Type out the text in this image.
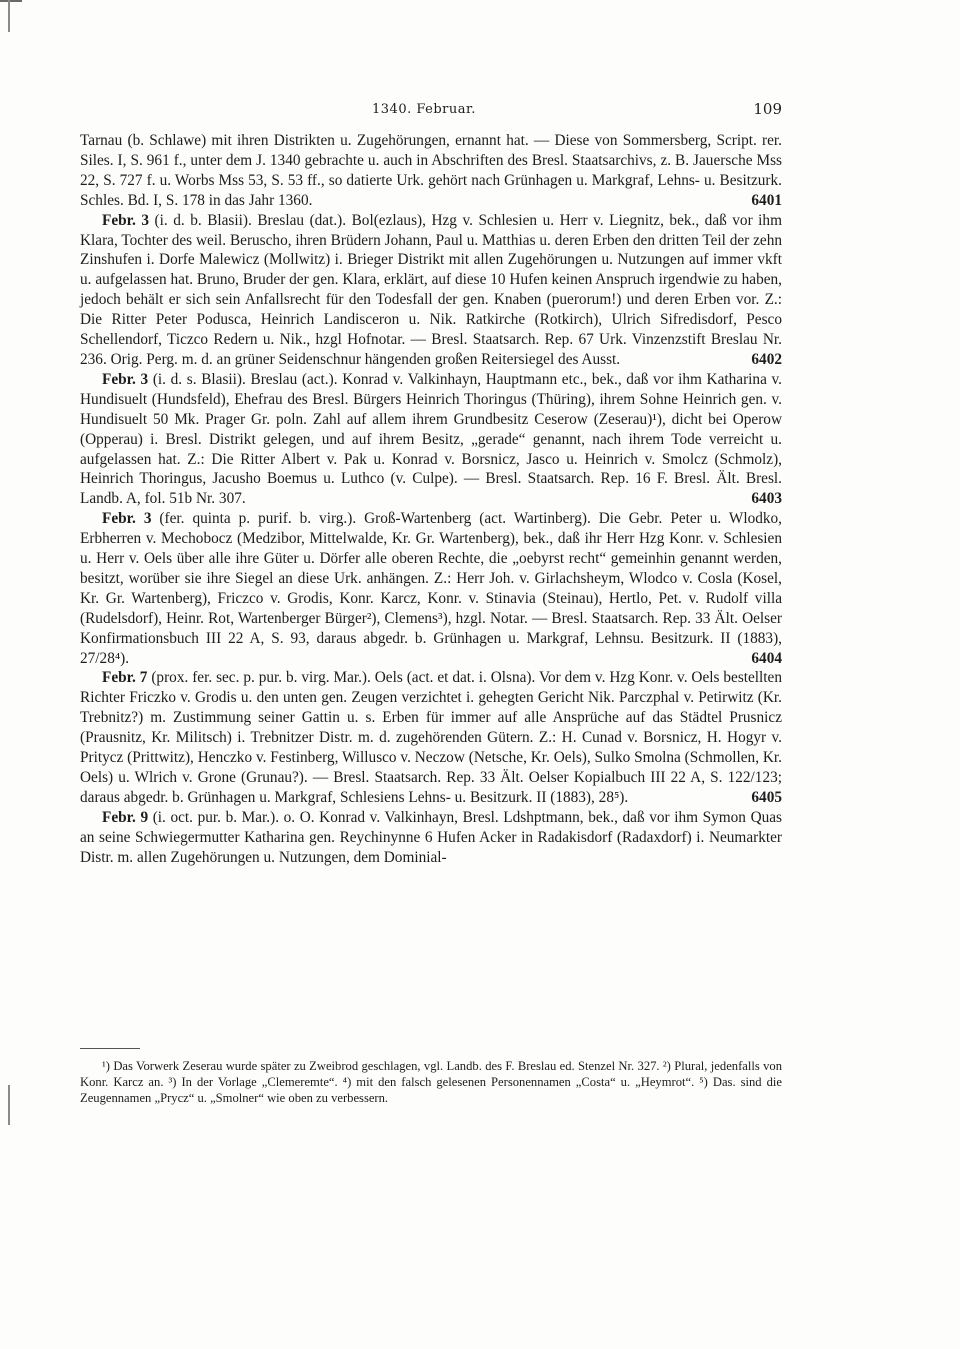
1340. Februar.	109

Tarnau (b. Schlawe) mit ihren Distrikten u. Zugehörungen, ernannt hat. — Diese von Sommersberg, Script. rer. Siles. I, S. 961 f., unter dem J. 1340 gebrachte u. auch in Abschriften des Bresl. Staatsarchivs, z. B. Jauersche Mss 22, S. 727 f. u. Worbs Mss 53, S. 53 ff., so datierte Urk. gehört nach Grünhagen u. Markgraf, Lehns- u. Besitzurk. Schles. Bd. I, S. 178 in das Jahr 1360.	6401

Febr. 3 (i. d. b. Blasii). Breslau (dat.). Bol(ezlaus), Hzg v. Schlesien u. Herr v. Liegnitz, bek., daß vor ihm Klara, Tochter des weil. Beruscho, ihren Brüdern Johann, Paul u. Matthias u. deren Erben den dritten Teil der zehn Zinshufen i. Dorfe Malewicz (Mollwitz) i. Brieger Distrikt mit allen Zugehörungen u. Nutzungen auf immer vkft u. aufgelassen hat. Bruno, Bruder der gen. Klara, erklärt, auf diese 10 Hufen keinen Anspruch irgendwie zu haben, jedoch behält er sich sein Anfallsrecht für den Todesfall der gen. Knaben (puerorum!) und deren Erben vor. Z.: Die Ritter Peter Podusca, Heinrich Landisceron u. Nik. Ratkirche (Rotkirch), Ulrich Sifredisdorf, Pesco Schellendorf, Ticzco Redern u. Nik., hzgl Hofnotar. — Bresl. Staatsarch. Rep. 67 Urk. Vinzenzstift Breslau Nr. 236. Orig. Perg. m. d. an grüner Seidenschnur hängenden großen Reitersiegel des Ausst.	6402

Febr. 3 (i. d. s. Blasii). Breslau (act.). Konrad v. Valkinhayn, Hauptmann etc., bek., daß vor ihm Katharina v. Hundisuelt (Hundsfeld), Ehefrau des Bresl. Bürgers Heinrich Thoringus (Thüring), ihrem Sohne Heinrich gen. v. Hundisuelt 50 Mk. Prager Gr. poln. Zahl auf allem ihrem Grundbesitz Ceserow (Zeserau)¹), dicht bei Operow (Opperau) i. Bresl. Distrikt gelegen, und auf ihrem Besitz, „gerade“ genannt, nach ihrem Tode verreicht u. aufgelassen hat. Z.: Die Ritter Albert v. Pak u. Konrad v. Borsnicz, Jasco u. Heinrich v. Smolcz (Schmolz), Heinrich Thoringus, Jacusho Boemus u. Luthco (v. Culpe). — Bresl. Staatsarch. Rep. 16 F. Bresl. Ält. Bresl. Landb. A, fol. 51b Nr. 307.	6403

Febr. 3 (fer. quinta p. purif. b. virg.). Groß-Wartenberg (act. Wartinberg). Die Gebr. Peter u. Wlodko, Erbherren v. Mechobocz (Medzibor, Mittelwalde, Kr. Gr. Wartenberg), bek., daß ihr Herr Hzg Konr. v. Schlesien u. Herr v. Oels über alle ihre Güter u. Dörfer alle oberen Rechte, die „oebyrst recht“ gemeinhin genannt werden, besitzt, worüber sie ihre Siegel an diese Urk. anhängen. Z.: Herr Joh. v. Girlachsheym, Wlodco v. Cosla (Kosel, Kr. Gr. Wartenberg), Friczco v. Grodis, Konr. Karcz, Konr. v. Stinavia (Steinau), Hertlo, Pet. v. Rudolf villa (Rudelsdorf), Heinr. Rot, Wartenberger Bürger²), Clemens³), hzgl. Notar. — Bresl. Staatsarch. Rep. 33 Ält. Oelser Konfirmationsbuch III 22 A, S. 93, daraus abgedr. b. Grünhagen u. Markgraf, Lehnsu. Besitzurk. II (1883), 27/28⁴).	6404

Febr. 7 (prox. fer. sec. p. pur. b. virg. Mar.). Oels (act. et dat. i. Olsna). Vor dem v. Hzg Konr. v. Oels bestellten Richter Friczko v. Grodis u. den unten gen. Zeugen verzichtet i. gehegten Gericht Nik. Parczphal v. Petirwitz (Kr. Trebnitz?) m. Zustimmung seiner Gattin u. s. Erben für immer auf alle Ansprüche auf das Städtel Prusnicz (Prausnitz, Kr. Militsch) i. Trebnitzer Distr. m. d. zugehörenden Gütern. Z.: H. Cunad v. Borsnicz, H. Hogyr v. Pritycz (Prittwitz), Henczko v. Festinberg, Willusco v. Neczow (Netsche, Kr. Oels), Sulko Smolna (Schmollen, Kr. Oels) u. Wlrich v. Grone (Grunau?). — Bresl. Staatsarch. Rep. 33 Ält. Oelser Kopialbuch III 22 A, S. 122/123; daraus abgedr. b. Grünhagen u. Markgraf, Schlesiens Lehns- u. Besitzurk. II (1883), 28⁵).	6405

Febr. 9 (i. oct. pur. b. Mar.). o. O. Konrad v. Valkinhayn, Bresl. Ldshptmann, bek., daß vor ihm Symon Quas an seine Schwiegermutter Katharina gen. Reychinynne 6 Hufen Acker in Radakisdorf (Radaxdorf) i. Neumarkter Distr. m. allen Zugehörungen u. Nutzungen, dem Dominial-

¹) Das Vorwerk Zeserau wurde später zu Zweibrod geschlagen, vgl. Landb. des F. Breslau ed. Stenzel Nr. 327. ²) Plural, jedenfalls von Konr. Karcz an. ³) In der Vorlage „Clemeremte“. ⁴) mit den falsch gelesenen Personennamen „Costa“ u. „Heymrot“. ⁵) Das. sind die Zeugennamen „Prycz“ u. „Smolner“ wie oben zu verbessern.
